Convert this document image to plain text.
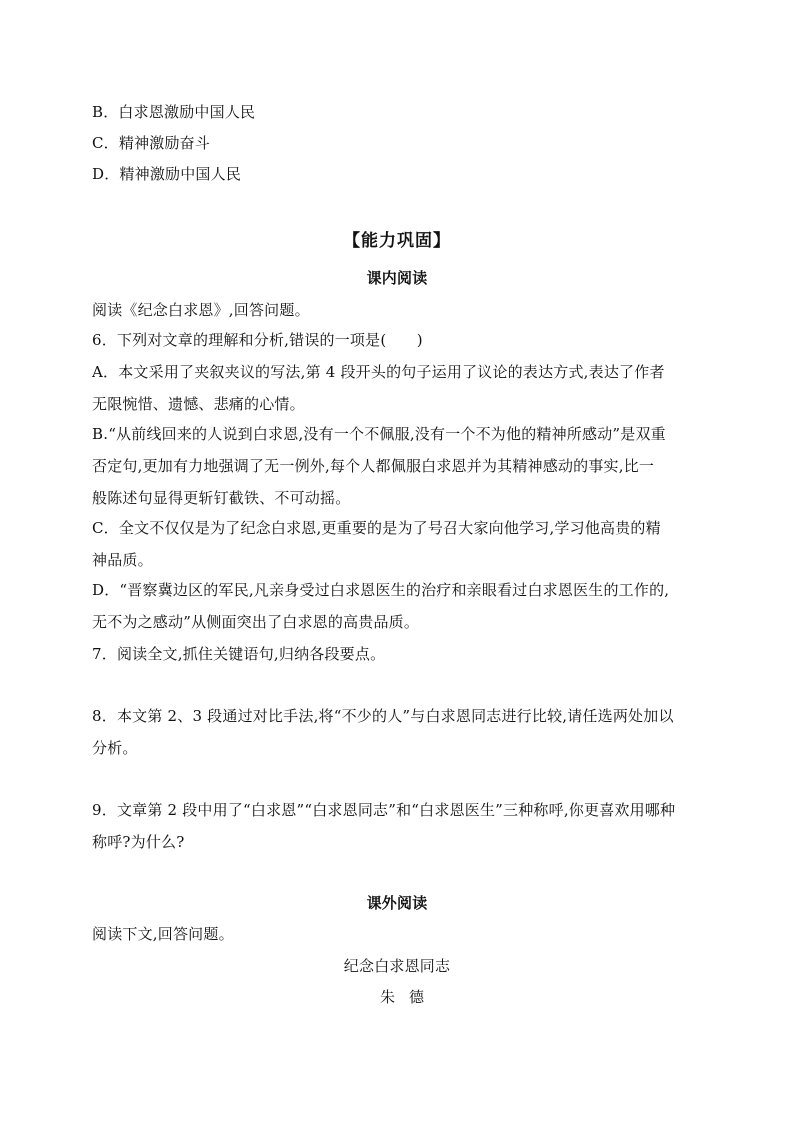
B．白求恩激励中国人民
C．精神激励奋斗
D．精神激励中国人民
【能力巩固】
课内阅读
阅读《纪念白求恩》,回答问题。
6．下列对文章的理解和分析,错误的一项是(　　)
A．本文采用了夹叙夹议的写法,第 4 段开头的句子运用了议论的表达方式,表达了作者
无限惋惜、遗憾、悲痛的心情。
B.“从前线回来的人说到白求恩,没有一个不佩服,没有一个不为他的精神所感动”是双重
否定句,更加有力地强调了无一例外,每个人都佩服白求恩并为其精神感动的事实,比一
般陈述句显得更斩钉截铁、不可动摇。
C．全文不仅仅是为了纪念白求恩,更重要的是为了号召大家向他学习,学习他高贵的精
神品质。
D．“晋察冀边区的军民,凡亲身受过白求恩医生的治疗和亲眼看过白求恩医生的工作的,
无不为之感动”从侧面突出了白求恩的高贵品质。
7．阅读全文,抓住关键语句,归纳各段要点。
8．本文第 2、3 段通过对比手法,将“不少的人”与白求恩同志进行比较,请任选两处加以
分析。
9．文章第 2 段中用了“白求恩”“白求恩同志”和“白求恩医生”三种称呼,你更喜欢用哪种
称呼?为什么?
课外阅读
阅读下文,回答问题。
纪念白求恩同志
朱德
